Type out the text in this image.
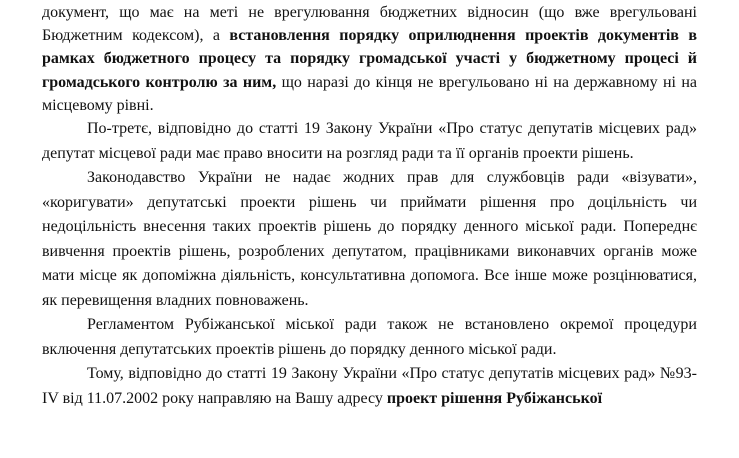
документ, що має на меті не врегулювання бюджетних відносин (що вже врегульовані Бюджетним кодексом), а встановлення порядку оприлюднення проектів документів в рамках бюджетного процесу та порядку громадської участі у бюджетному процесі й громадського контролю за ним, що наразі до кінця не врегульовано ні на державному ні на місцевому рівні.

По-третє, відповідно до статті 19 Закону України «Про статус депутатів місцевих рад» депутат місцевої ради має право вносити на розгляд ради та її органів проекти рішень.

Законодавство України не надає жодних прав для службовців ради «візувати», «коригувати» депутатські проекти рішень чи приймати рішення про доцільність чи недоцільність внесення таких проектів рішень до порядку денного міської ради. Попереднє вивчення проектів рішень, розроблених депутатом, працівниками виконавчих органів може мати місце як допоміжна діяльність, консультативна допомога. Все інше може розцінюватися, як перевищення владних повноважень.

Регламентом Рубіжанської міської ради також не встановлено окремої процедури включення депутатських проектів рішень до порядку денного міської ради.

Тому, відповідно до статті 19 Закону України «Про статус депутатів місцевих рад» №93-IV від 11.07.2002 року направляю на Вашу адресу проект рішення Рубіжанської
